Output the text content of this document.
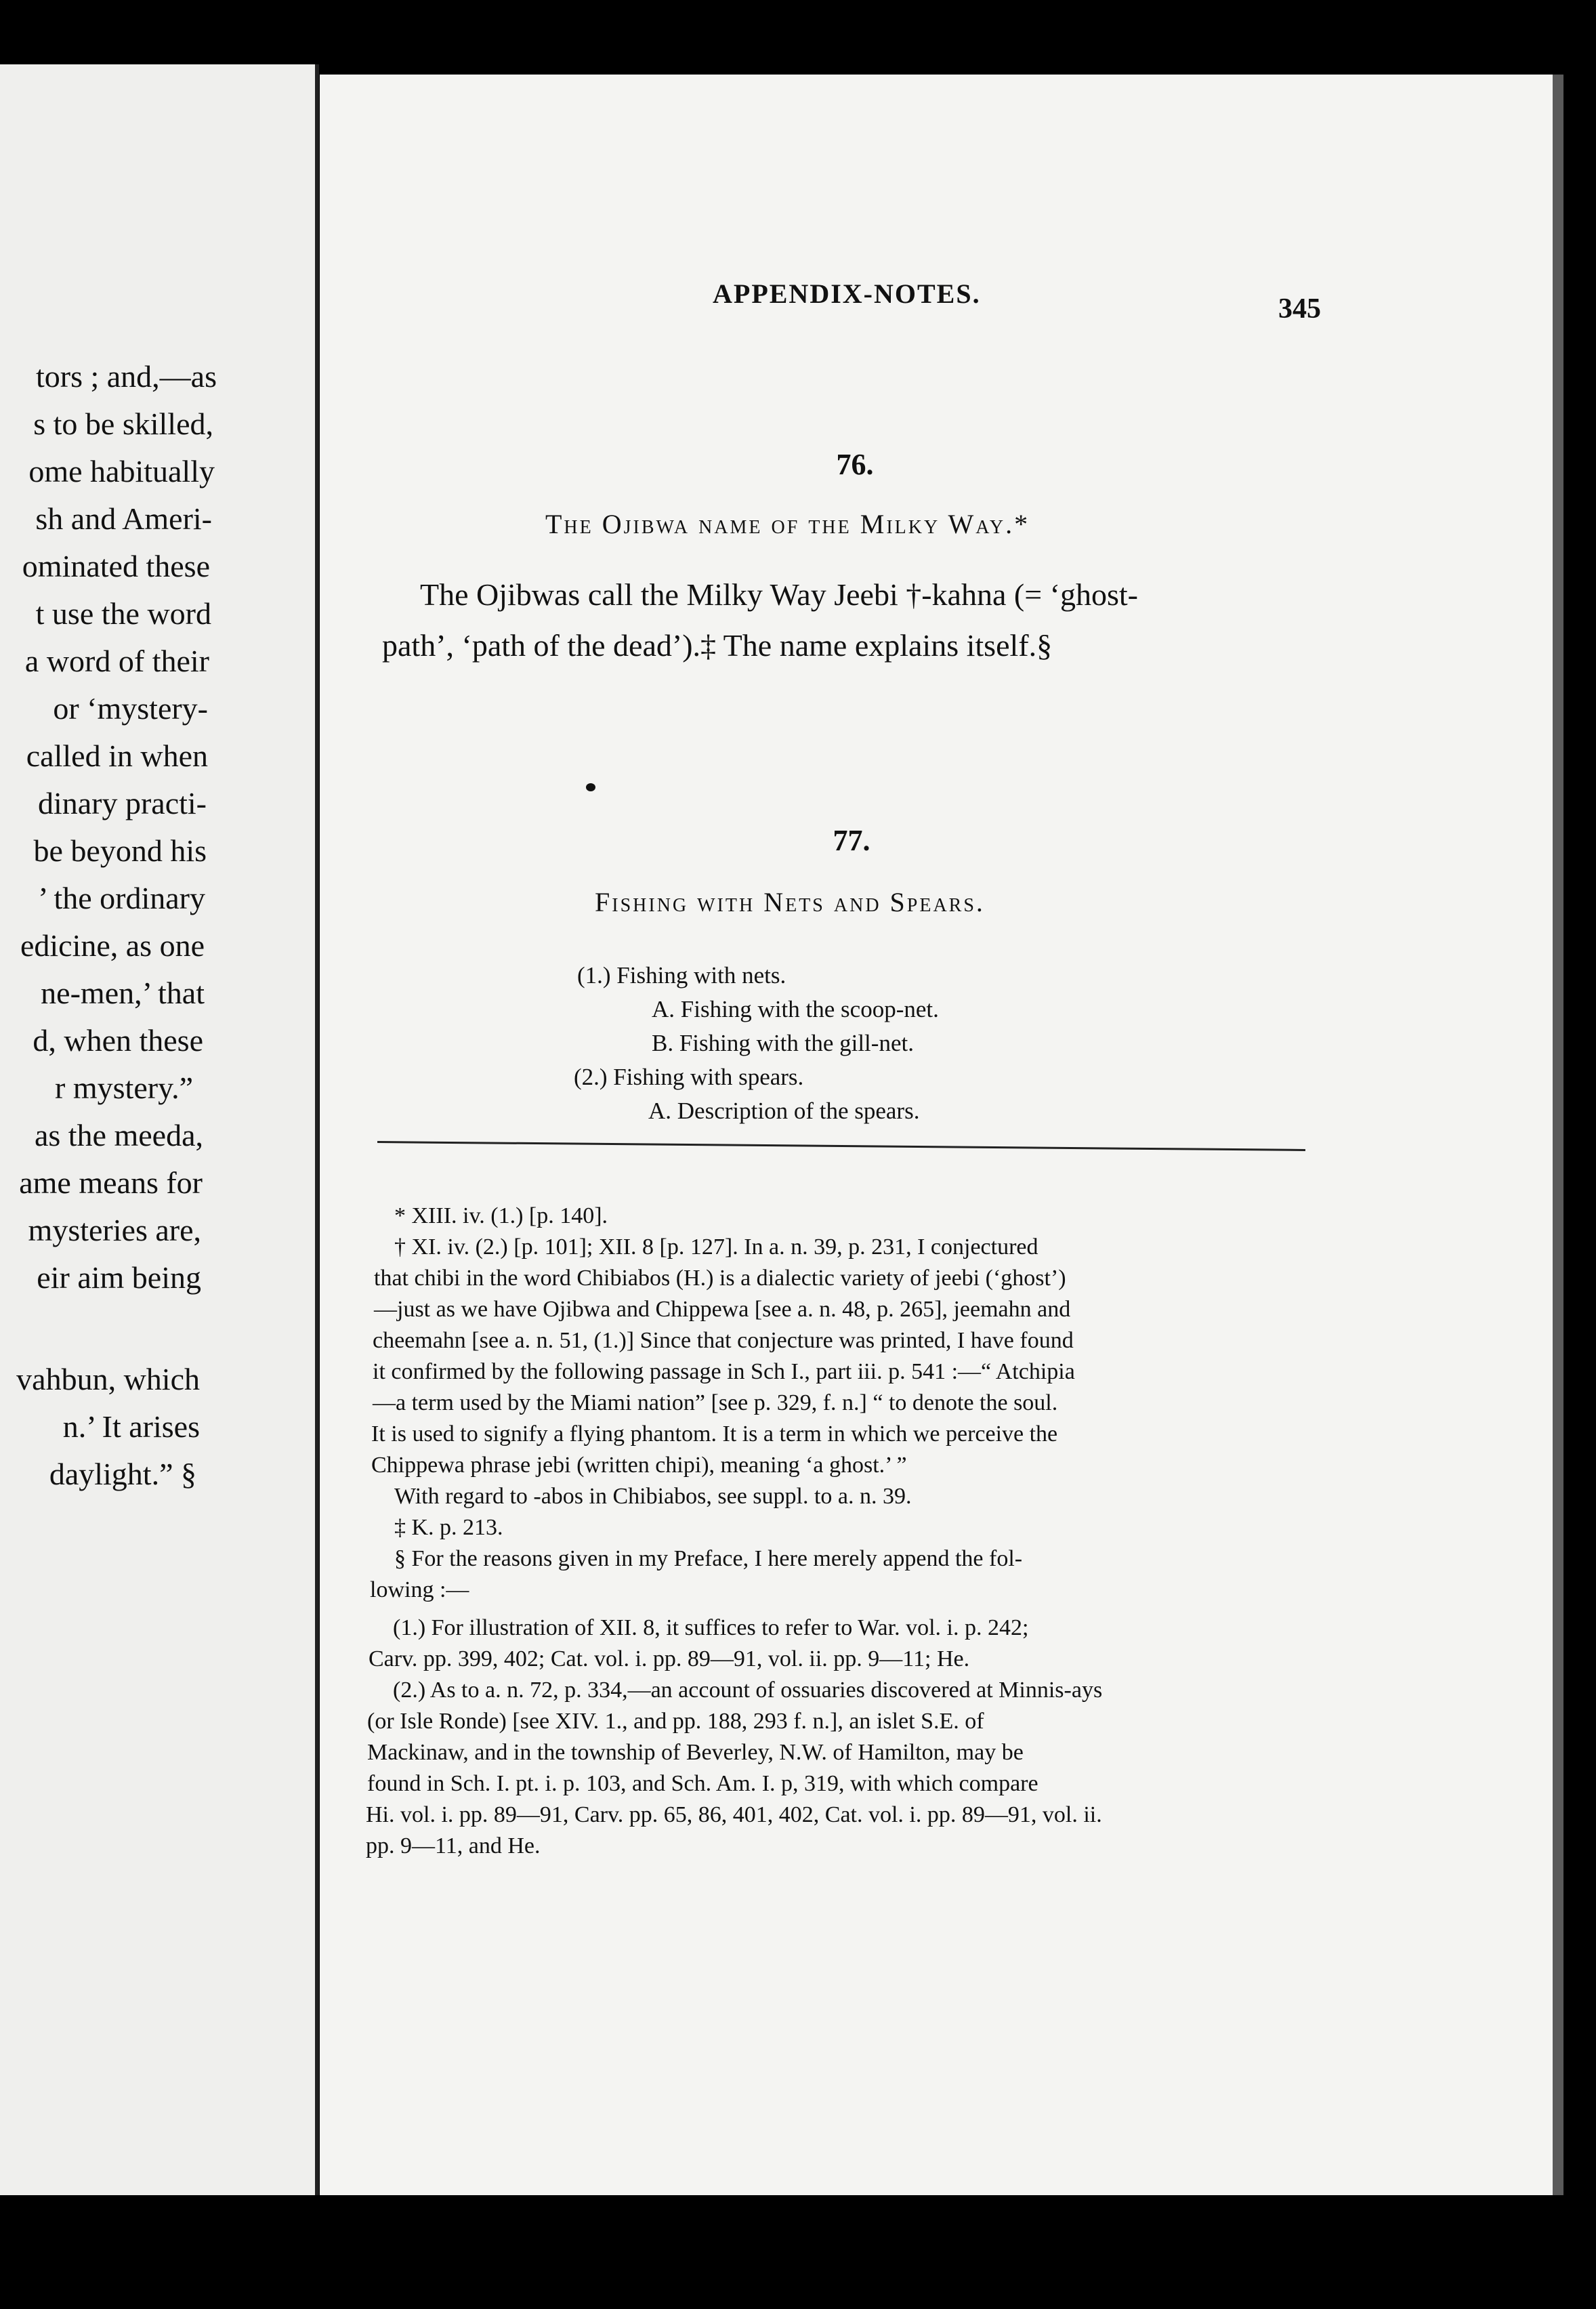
tors ; and,—as
s to be skilled,
ome habitually
sh and Ameri-
ominated these
t use the word
a word of their
or ‘mystery-
called in when
dinary practi-
be beyond his
’ the ordinary
edicine, as one
ne-men,’ that
d, when these
r mystery.”
as the meeda,
ame means for
mysteries are,
eir aim being
vahbun, which
n.’ It arises
daylight.” §
APPENDIX-NOTES.	345
76.
The Ojibwa name of the Milky Way.*
The Ojibwas call the Milky Way Jeebi †-kahna (= ‘ghost-
path’, ‘path of the dead’).‡ The name explains itself.§
77.
Fishing with Nets and Spears.
(1.) Fishing with nets.
A. Fishing with the scoop-net.
B. Fishing with the gill-net.
(2.) Fishing with spears.
A. Description of the spears.
* XIII. iv. (1.) [p. 140].
† XI. iv. (2.) [p. 101]; XII. 8 [p. 127]. In a. n. 39, p. 231, I conjectured
that chibi in the word Chibiabos (H.) is a dialectic variety of jeebi (‘ghost’)
—just as we have Ojibwa and Chippewa [see a. n. 48, p. 265], jeemahn and
cheemahn [see a. n. 51, (1.)] Since that conjecture was printed, I have found
it confirmed by the following passage in Sch I., part iii. p. 541 :—“ Atchipia
—a term used by the Miami nation” [see p. 329, f. n.] “ to denote the soul.
It is used to signify a flying phantom. It is a term in which we perceive the
Chippewa phrase jebi (written chipi), meaning ‘a ghost.’ ”
With regard to -abos in Chibiabos, see suppl. to a. n. 39.
‡ K. p. 213.
§ For the reasons given in my Preface, I here merely append the fol-
lowing :—
(1.) For illustration of XII. 8, it suffices to refer to War. vol. i. p. 242;
Carv. pp. 399, 402; Cat. vol. i. pp. 89—91, vol. ii. pp. 9—11; He.
(2.) As to a. n. 72, p. 334,—an account of ossuaries discovered at Minnis-ays
(or Isle Ronde) [see XIV. 1., and pp. 188, 293 f. n.], an islet S.E. of
Mackinaw, and in the township of Beverley, N.W. of Hamilton, may be
found in Sch. I. pt. i. p. 103, and Sch. Am. I. p, 319, with which compare
Hi. vol. i. pp. 89—91, Carv. pp. 65, 86, 401, 402, Cat. vol. i. pp. 89—91, vol. ii.
pp. 9—11, and He.
